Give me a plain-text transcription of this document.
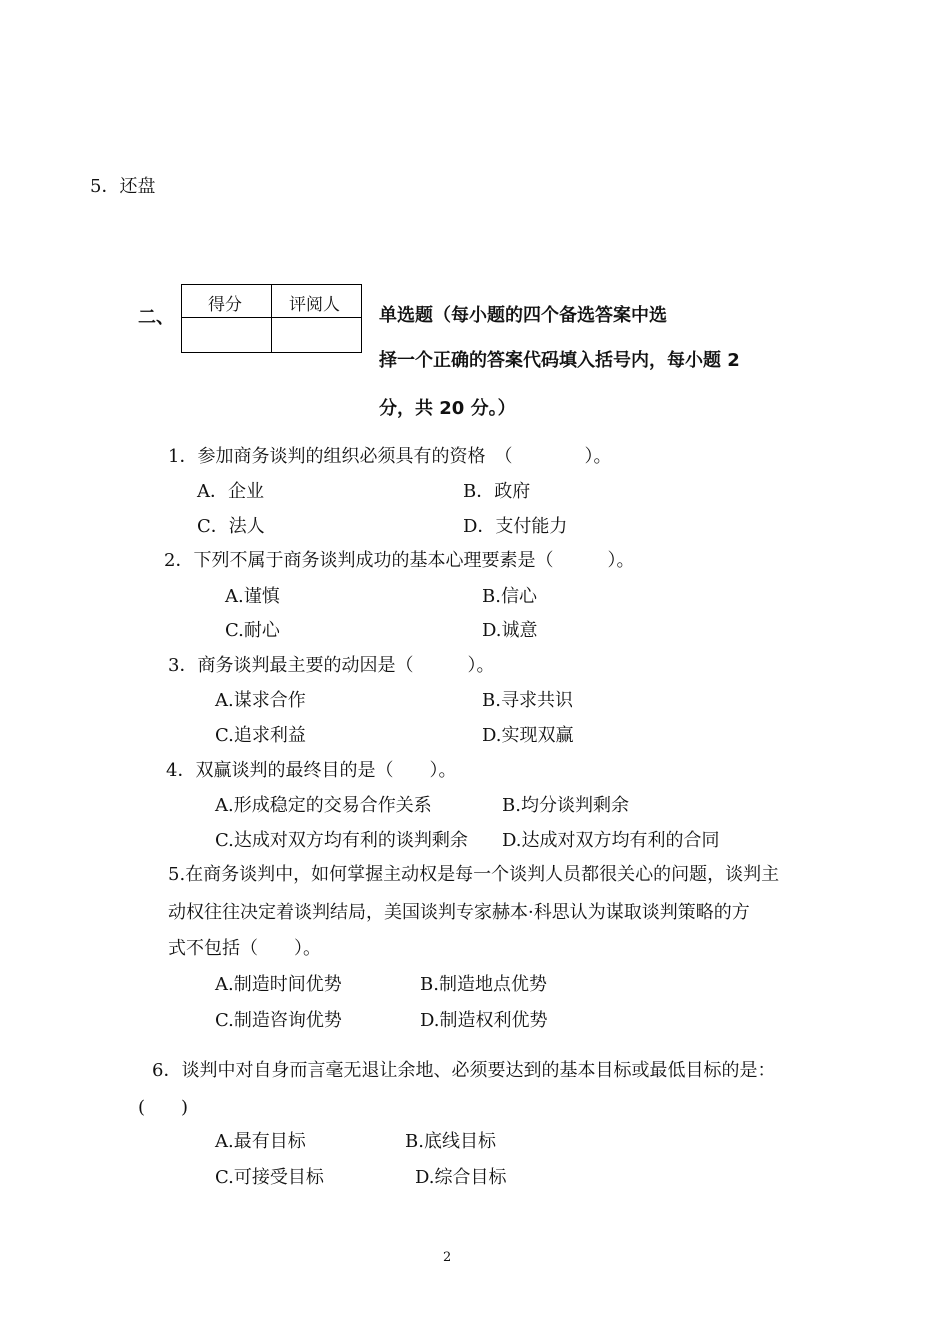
5．还盘
二、
得分	评阅人 单选题（每小题的四个备选答案中选
择一个正确的答案代码填入括号内，每小题 2
分，共 20 分。）
1．参加商务谈判的组织必须具有的资格　（　　　　）。
A．企业	B．政府
C．法人	D．支付能力
2．下列不属于商务谈判成功的基本心理要素是（　　　）。
A.谨慎	B.信心
C.耐心	D.诚意
3．商务谈判最主要的动因是（　　　）。
A.谋求合作	B.寻求共识
C.追求利益	D.实现双赢
4．双赢谈判的最终目的是（　　）。
A.形成稳定的交易合作关系	B.均分谈判剩余
C.达成对双方均有利的谈判剩余 D.达成对双方均有利的合同
5.在商务谈判中，如何掌握主动权是每一个谈判人员都很关心的问题，谈判主
动权往往决定着谈判结局，美国谈判专家赫本·科思认为谋取谈判策略的方
式不包括（　　）。
A.制造时间优势	B.制造地点优势
C.制造咨询优势	D.制造权利优势
6．谈判中对自身而言毫无退让余地、必须要达到的基本目标或最低目标的是：
(　　)
A.最有目标	B.底线目标
C.可接受目标	D.综合目标
2
